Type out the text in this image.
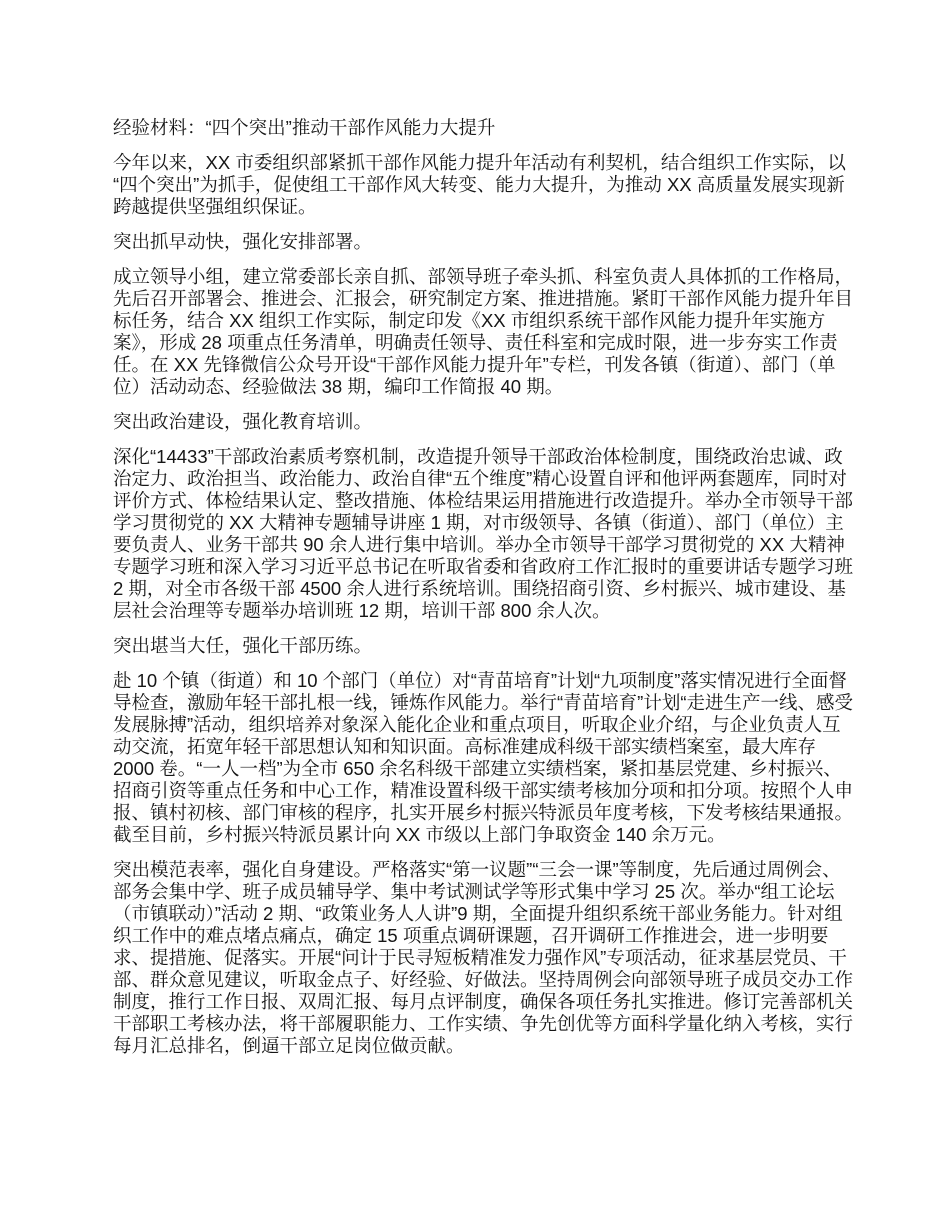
经验材料：“四个突出”推动干部作风能力大提升

今年以来，XX 市委组织部紧抓干部作风能力提升年活动有利契机，结合组织工作实际，以“四个突出”为抓手，促使组工干部作风大转变、能力大提升，为推动 XX 高质量发展实现新跨越提供坚强组织保证。

突出抓早动快，强化安排部署。

成立领导小组，建立常委部长亲自抓、部领导班子牵头抓、科室负责人具体抓的工作格局，先后召开部署会、推进会、汇报会，研究制定方案、推进措施。紧盯干部作风能力提升年目标任务，结合 XX 组织工作实际，制定印发《XX 市组织系统干部作风能力提升年实施方案》，形成 28 项重点任务清单，明确责任领导、责任科室和完成时限，进一步夯实工作责任。在 XX 先锋微信公众号开设“干部作风能力提升年”专栏，刊发各镇（街道）、部门（单位）活动动态、经验做法 38 期，编印工作简报 40 期。

突出政治建设，强化教育培训。

深化“14433”干部政治素质考察机制，改造提升领导干部政治体检制度，围绕政治忠诚、政治定力、政治担当、政治能力、政治自律“五个维度”精心设置自评和他评两套题库，同时对评价方式、体检结果认定、整改措施、体检结果运用措施进行改造提升。举办全市领导干部学习贯彻党的 XX 大精神专题辅导讲座 1 期，对市级领导、各镇（街道）、部门（单位）主要负责人、业务干部共 90 余人进行集中培训。举办全市领导干部学习贯彻党的 XX 大精神专题学习班和深入学习习近平总书记在听取省委和省政府工作汇报时的重要讲话专题学习班 2 期，对全市各级干部 4500 余人进行系统培训。围绕招商引资、乡村振兴、城市建设、基层社会治理等专题举办培训班 12 期，培训干部 800 余人次。

突出堪当大任，强化干部历练。

赴 10 个镇（街道）和 10 个部门（单位）对“青苗培育”计划“九项制度”落实情况进行全面督导检查，激励年轻干部扎根一线，锤炼作风能力。举行“青苗培育”计划“走进生产一线、感受发展脉搏”活动，组织培养对象深入能化企业和重点项目，听取企业介绍，与企业负责人互动交流，拓宽年轻干部思想认知和知识面。高标准建成科级干部实绩档案室，最大库存 2000 卷。“一人一档”为全市 650 余名科级干部建立实绩档案，紧扣基层党建、乡村振兴、招商引资等重点任务和中心工作，精准设置科级干部实绩考核加分项和扣分项。按照个人申报、镇村初核、部门审核的程序，扎实开展乡村振兴特派员年度考核，下发考核结果通报。截至目前，乡村振兴特派员累计向 XX 市级以上部门争取资金 140 余万元。

突出模范表率，强化自身建设。严格落实“第一议题”“三会一课”等制度，先后通过周例会、部务会集中学、班子成员辅导学、集中考试测试学等形式集中学习 25 次。举办“组工论坛（市镇联动）”活动 2 期、“政策业务人人讲”9 期，全面提升组织系统干部业务能力。针对组织工作中的难点堵点痛点，确定 15 项重点调研课题，召开调研工作推进会，进一步明要求、提措施、促落实。开展“问计于民寻短板精准发力强作风”专项活动，征求基层党员、干部、群众意见建议，听取金点子、好经验、好做法。坚持周例会向部领导班子成员交办工作制度，推行工作日报、双周汇报、每月点评制度，确保各项任务扎实推进。修订完善部机关干部职工考核办法，将干部履职能力、工作实绩、争先创优等方面科学量化纳入考核，实行每月汇总排名，倒逼干部立足岗位做贡献。
